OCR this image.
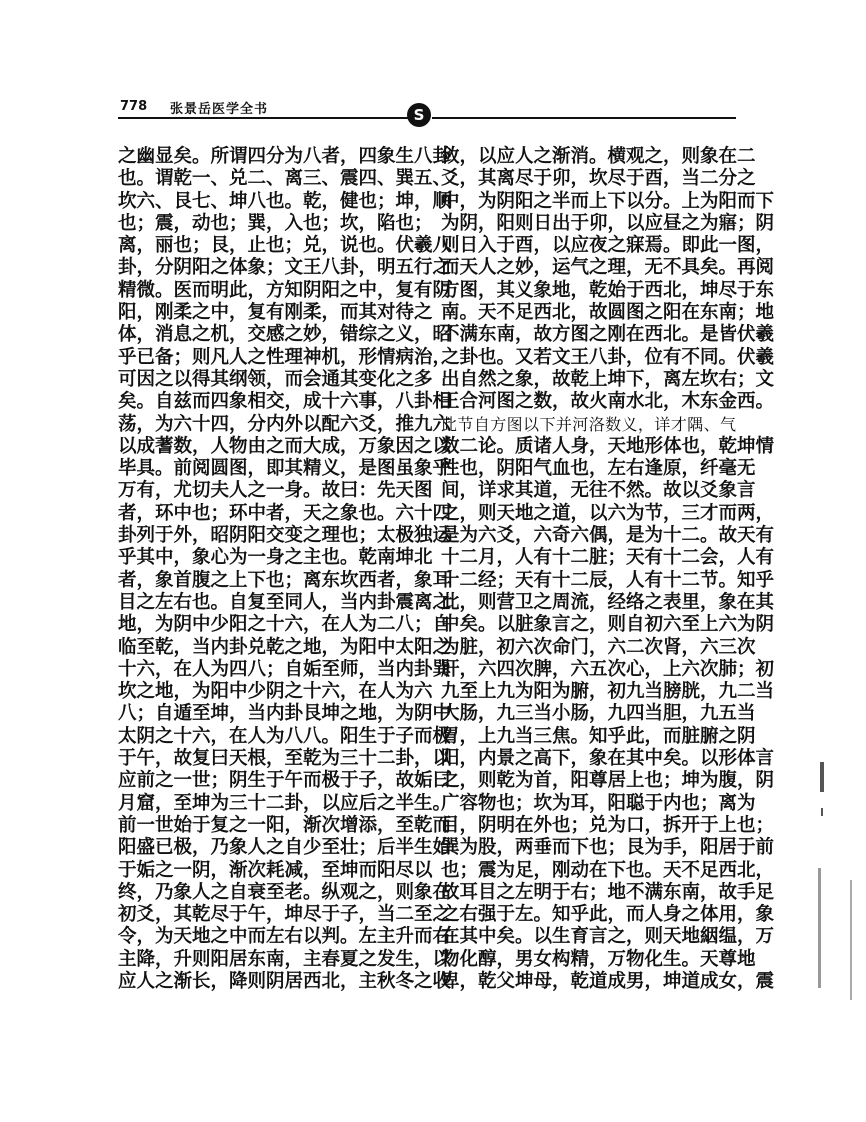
778 张景岳医学全书	S
之幽显矣。所谓四分为八者，四象生八卦
也。谓乾一、兑二、离三、震四、巽五、
坎六、艮七、坤八也。乾，健也；坤，顺
也；震，动也；巽，入也；坎，陷也；
离，丽也；艮，止也；兑，说也。伏羲八
卦，分阴阳之体象；文王八卦，明五行之
精微。医而明此，方知阴阳之中，复有阴
阳，刚柔之中，复有刚柔，而其对待之
体，消息之机，交感之妙，错综之义，昭
乎已备；则凡人之性理神机，形情病治，
可因之以得其纲领，而会通其变化之多
矣。自兹而四象相交，成十六事，八卦相
荡，为六十四，分内外以配六爻，推九六
以成蓍数，人物由之而大成，万象因之以
毕具。前阅圆图，即其精义，是图虽象乎
万有，尤切夫人之一身。故曰：先天图
者，环中也；环中者，天之象也。六十四
卦列于外，昭阴阳交变之理也；太极独运
乎其中，象心为一身之主也。乾南坤北
者，象首腹之上下也；离东坎西者，象耳
目之左右也。自复至同人，当内卦震离之
地，为阴中少阳之十六，在人为二八；自
临至乾，当内卦兑乾之地，为阳中太阳之
十六，在人为四八；自姤至师，当内卦巽
坎之地，为阳中少阴之十六，在人为六
八；自遁至坤，当内卦艮坤之地，为阴中
太阴之十六，在人为八八。阳生于子而极
于午，故复曰天根，至乾为三十二卦，以
应前之一世；阴生于午而极于子，故姤曰
月窟，至坤为三十二卦，以应后之半生。
前一世始于复之一阳，渐次增添，至乾而
阳盛已极，乃象人之自少至壮；后半生始
于姤之一阴，渐次耗减，至坤而阳尽以
终，乃象人之自衰至老。纵观之，则象在
初爻，其乾尽于午，坤尽于子，当二至之
令，为天地之中而左右以判。左主升而右
主降，升则阳居东南，主春夏之发生，以
应人之渐长，降则阴居西北，主秋冬之收
敛，以应人之渐消。横观之，则象在二
爻，其离尽于卯，坎尽于酉，当二分之
中，为阴阳之半而上下以分。上为阳而下
为阴，阳则日出于卯，以应昼之为寤；阴
则日入于酉，以应夜之寐焉。即此一图，
而天人之妙，运气之理，无不具矣。再阅
方图，其义象地，乾始于西北，坤尽于东
南。天不足西北，故圆图之阳在东南；地
不满东南，故方图之刚在西北。是皆伏羲
之卦也。又若文王八卦，位有不同。伏羲
出自然之象，故乾上坤下，离左坎右；文
王合河图之数，故火南水北，木东金西。
此节自方图以下并河洛数义，详才隅、气
数二论。质诸人身，天地形体也，乾坤情
性也，阴阳气血也，左右逢原，纤毫无
间，详求其道，无往不然。故以爻象言
之，则天地之道，以六为节，三才而两，
是为六爻，六奇六偶，是为十二。故天有
十二月，人有十二脏；天有十二会，人有
十二经；天有十二辰，人有十二节。知乎
此，则营卫之周流，经络之表里，象在其
中矣。以脏象言之，则自初六至上六为阴
为脏，初六次命门，六二次肾，六三次
肝，六四次脾，六五次心，上六次肺；初
九至上九为阳为腑，初九当膀胱，九二当
大肠，九三当小肠，九四当胆，九五当
胃，上九当三焦。知乎此，而脏腑之阴
阳，内景之高下，象在其中矣。以形体言
之，则乾为首，阳尊居上也；坤为腹，阴
广容物也；坎为耳，阳聪于内也；离为
目，阴明在外也；兑为口，拆开于上也；
巽为股，两垂而下也；艮为手，阳居于前
也；震为足，刚动在下也。天不足西北，
故耳目之左明于右；地不满东南，故手足
之右强于左。知乎此，而人身之体用，象
在其中矣。以生育言之，则天地絪缊，万
物化醇，男女构精，万物化生。天尊地
卑，乾父坤母，乾道成男，坤道成女，震
